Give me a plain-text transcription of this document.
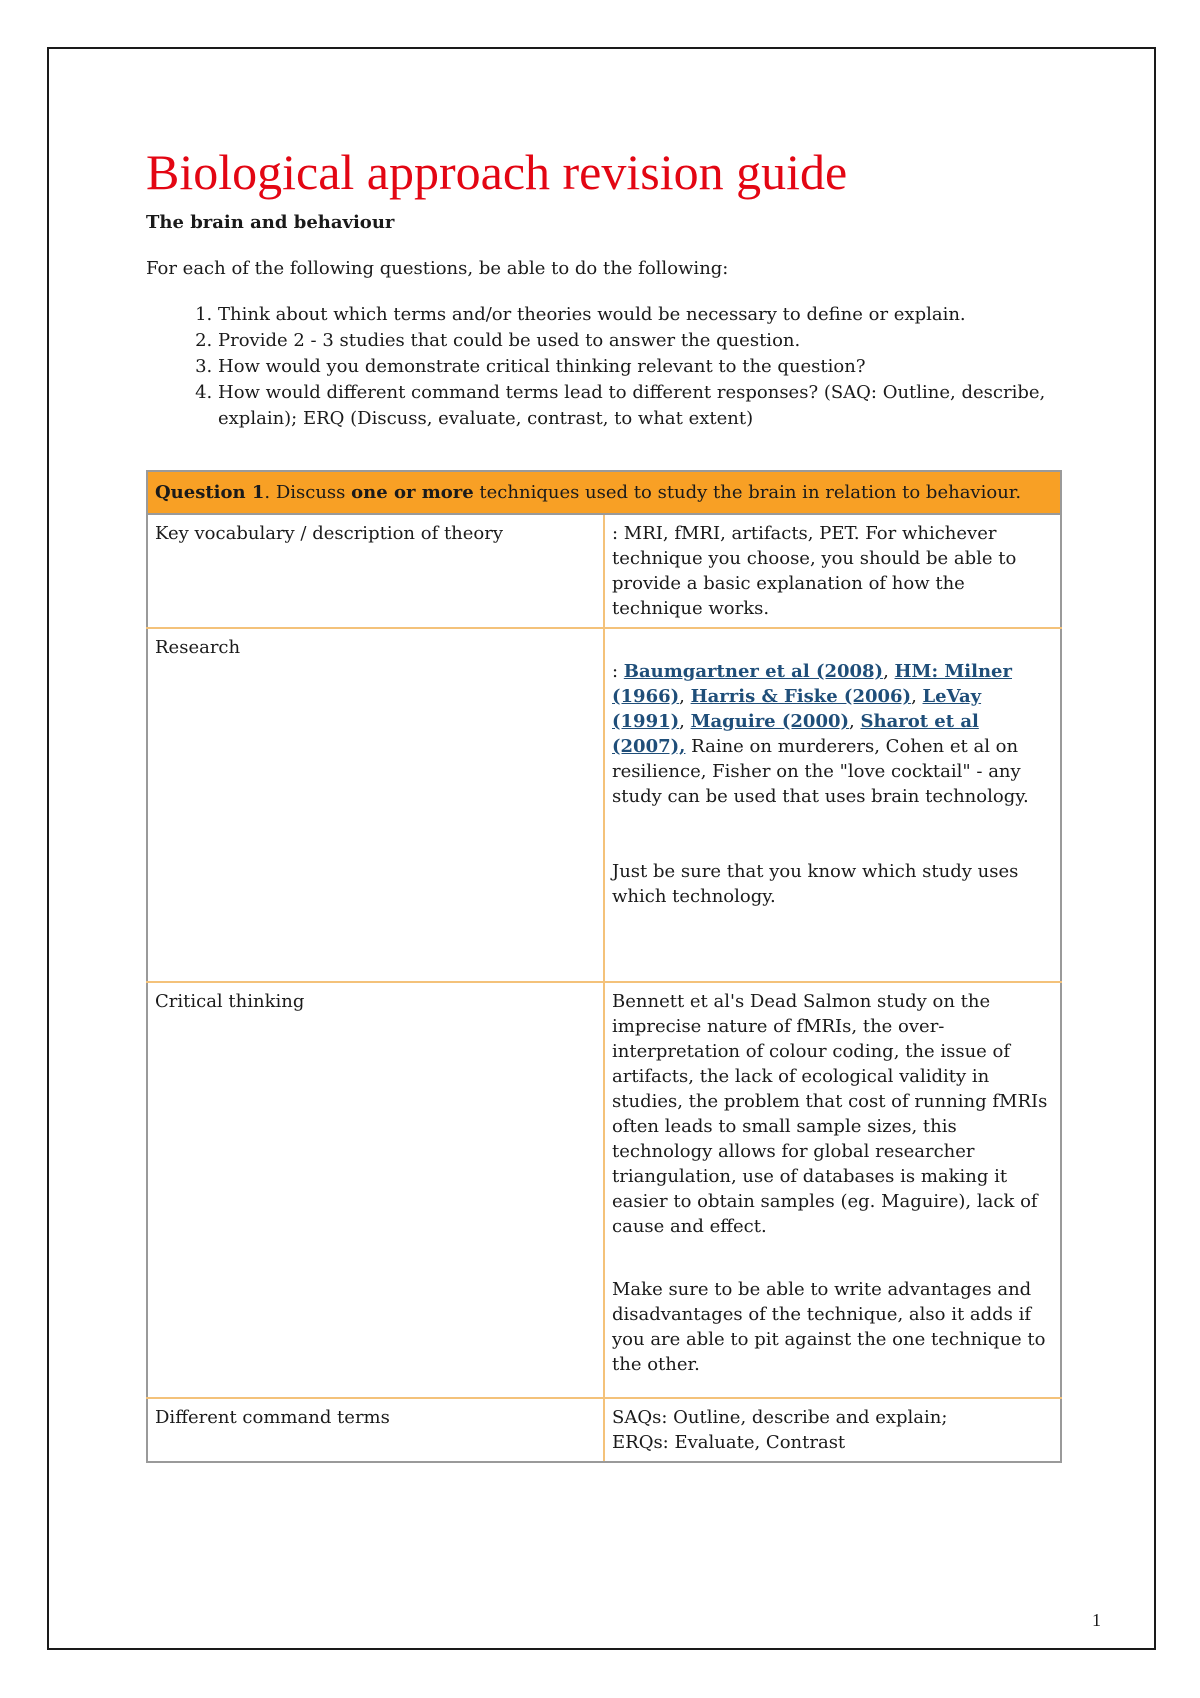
Biological approach revision guide

The brain and behaviour

For each of the following questions, be able to do the following:

1. Think about which terms and/or theories would be necessary to define or explain.
2. Provide 2 - 3 studies that could be used to answer the question.
3. How would you demonstrate critical thinking relevant to the question?
4. How would different command terms lead to different responses? (SAQ: Outline, describe, explain); ERQ (Discuss, evaluate, contrast, to what extent)
Question 1. Discuss one or more techniques used to study the brain in relation to behaviour.	
Key vocabulary / description of theory	: MRI, fMRI, artifacts, PET. For whichever technique you choose, you should be able to provide a basic explanation of how the technique works.
Research	: Baumgartner et al (2008), HM: Milner (1966), Harris & Fiske (2006), LeVay (1991), Maguire (2000), Sharot et al (2007), Raine on murderers, Cohen et al on resilience, Fisher on the "love cocktail" - any study can be used that uses brain technology.
Just be sure that you know which study uses which technology.

Critical thinking	Bennett et al's Dead Salmon study on the imprecise nature of fMRIs, the over-interpretation of colour coding, the issue of artifacts, the lack of ecological validity in studies, the problem that cost of running fMRIs often leads to small sample sizes, this technology allows for global researcher triangulation, use of databases is making it easier to obtain samples (eg. Maguire), lack of cause and effect.
Make sure to be able to write advantages and disadvantages of the technique, also it adds if you are able to pit against the one technique to the other.

Different command terms	SAQs: Outline, describe and explain;
ERQs: Evaluate, Contrast
1
